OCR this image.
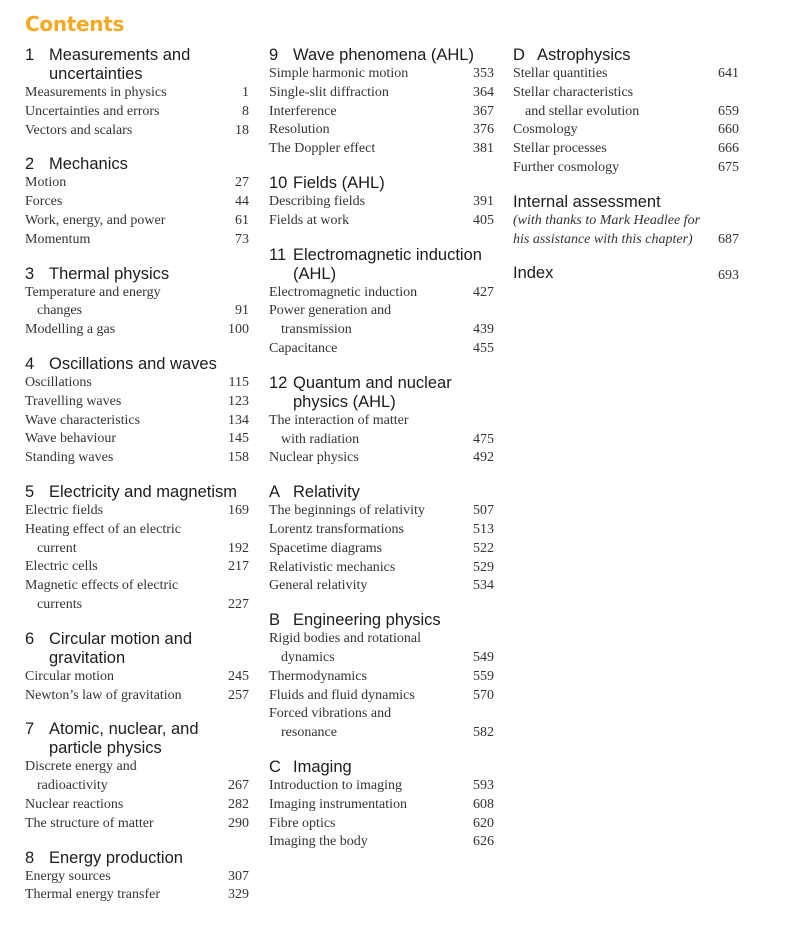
Contents
1 Measurements and
uncertainties
Measurements in physics	1
Uncertainties and errors	8
Vectors and scalars	18
2 Mechanics
Motion	27
Forces	44
Work, energy, and power	61
Momentum	73
3 Thermal physics
Temperature and energy
changes	91
Modelling a gas	100
4 Oscillations and waves
Oscillations	115
Travelling waves	123
Wave characteristics	134
Wave behaviour	145
Standing waves	158
5 Electricity and magnetism
Electric fields	169
Heating effect of an electric
current	192
Electric cells	217
Magnetic effects of electric
currents	227
6 Circular motion and
gravitation
Circular motion	245
Newton’s law of gravitation	257
7 Atomic, nuclear, and
particle physics
Discrete energy and
radioactivity	267
Nuclear reactions	282
The structure of matter	290
8 Energy production
Energy sources	307
Thermal energy transfer	329
9 Wave phenomena (AHL)
Simple harmonic motion	353
Single-slit diffraction	364
Interference	367
Resolution	376
The Doppler effect	381
10 Fields (AHL)
Describing fields	391
Fields at work	405
11 Electromagnetic induction
(AHL)
Electromagnetic induction	427
Power generation and
transmission	439
Capacitance	455
12 Quantum and nuclear
physics (AHL)
The interaction of matter
with radiation	475
Nuclear physics	492
A Relativity
The beginnings of relativity	507
Lorentz transformations	513
Spacetime diagrams	522
Relativistic mechanics	529
General relativity	534
B Engineering physics
Rigid bodies and rotational
dynamics	549
Thermodynamics	559
Fluids and fluid dynamics	570
Forced vibrations and
resonance	582
C Imaging
Introduction to imaging	593
Imaging instrumentation	608
Fibre optics	620
Imaging the body	626
D Astrophysics
Stellar quantities	641
Stellar characteristics
and stellar evolution	659
Cosmology	660
Stellar processes	666
Further cosmology	675
Internal assessment
(with thanks to Mark Headlee for
his assistance with this chapter)	687
Index	693
